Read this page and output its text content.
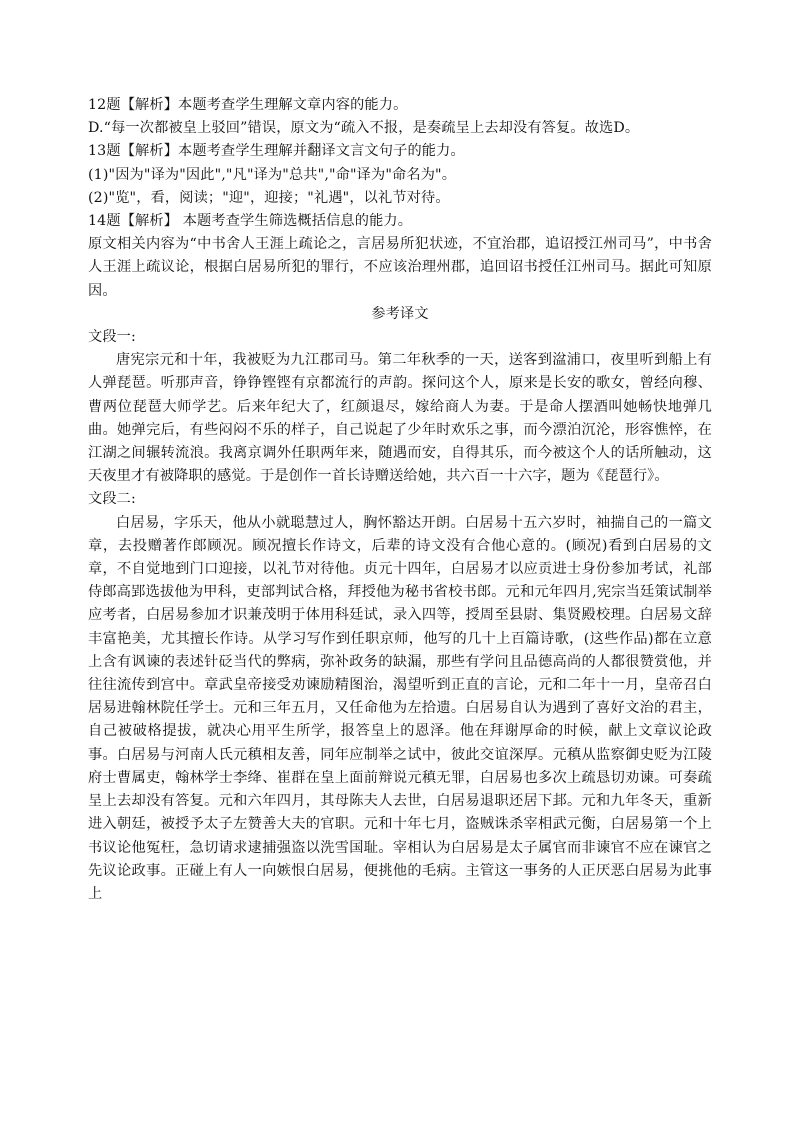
12题【解析】本题考查学生理解文章内容的能力。
D.“每一次都被皇上驳回”错误，原文为“疏入不报，是奏疏呈上去却没有答复。故选D。
13题【解析】本题考查学生理解并翻译文言文句子的能力。
(1)"因为"译为"因此","凡"译为"总共","命"译为"命名为"。
(2)"览"，看，阅读；"迎"，迎接；"礼遇"，以礼节对待。
14题【解析】 本题考查学生筛选概括信息的能力。
原文相关内容为“中书舍人王涯上疏论之，言居易所犯状迹，不宜治郡，追诏授江州司马”，中书舍人王涯上疏议论，根据白居易所犯的罪行，不应该治理州郡，追回诏书授任江州司马。据此可知原因。
参考译文
文段一:

唐宪宗元和十年，我被贬为九江郡司马。第二年秋季的一天，送客到湓浦口，夜里听到船上有人弹琵琶。听那声音，铮铮铿铿有京都流行的声韵。探问这个人，原来是长安的歌女，曾经向穆、曹两位琵琶大师学艺。后来年纪大了，红颜退尽，嫁给商人为妻。于是命人摆酒叫她畅快地弹几曲。她弹完后，有些闷闷不乐的样子，自己说起了少年时欢乐之事，而今漂泊沉沦，形容憔悴，在江湖之间辗转流浪。我离京调外任职两年来，随遇而安，自得其乐，而今被这个人的话所触动，这天夜里才有被降职的感觉。于是创作一首长诗赠送给她，共六百一十六字，题为《琵琶行》。

文段二:

白居易，字乐天，他从小就聪慧过人，胸怀豁达开朗。白居易十五六岁时，袖揣自己的一篇文章，去投赠著作郎顾况。顾况擅长作诗文，后辈的诗文没有合他心意的。(顾况)看到白居易的文章，不自觉地到门口迎接，以礼节对待他。贞元十四年，白居易才以应贡进士身份参加考试，礼部侍郎高郢选拔他为甲科，吏部判试合格，拜授他为秘书省校书郎。元和元年四月,宪宗当廷策试制举应考者，白居易参加才识兼茂明于体用科廷试，录入四等，授周至县尉、集贤殿校理。白居易文辞丰富艳美，尤其擅长作诗。从学习写作到任职京师，他写的几十上百篇诗歌，(这些作品)都在立意上含有讽谏的表述针砭当代的弊病，弥补政务的缺漏，那些有学问且品德高尚的人都很赞赏他，并往往流传到宫中。章武皇帝接受劝谏励精图治，渴望听到正直的言论，元和二年十一月，皇帝召白居易进翰林院任学士。元和三年五月，又任命他为左拾遗。白居易自认为遇到了喜好文治的君主，自己被破格提拔，就决心用平生所学，报答皇上的恩泽。他在拜谢厚命的时候，献上文章议论政事。白居易与河南人氏元稹相友善，同年应制举之试中，彼此交谊深厚。元稹从监察御史贬为江陵府士曹属吏，翰林学士李绛、崔群在皇上面前辩说元稹无罪，白居易也多次上疏恳切劝谏。可奏疏呈上去却没有答复。元和六年四月，其母陈夫人去世，白居易退职还居下邽。元和九年冬天，重新进入朝廷，被授予太子左赞善大夫的官职。元和十年七月，盗贼诛杀宰相武元衡，白居易第一个上书议论他冤枉，急切请求逮捕强盗以洗雪国耻。宰相认为白居易是太子属官而非谏官不应在谏官之先议论政事。正碰上有人一向嫉恨白居易，便挑他的毛病。主管这一事务的人正厌恶白居易为此事上
